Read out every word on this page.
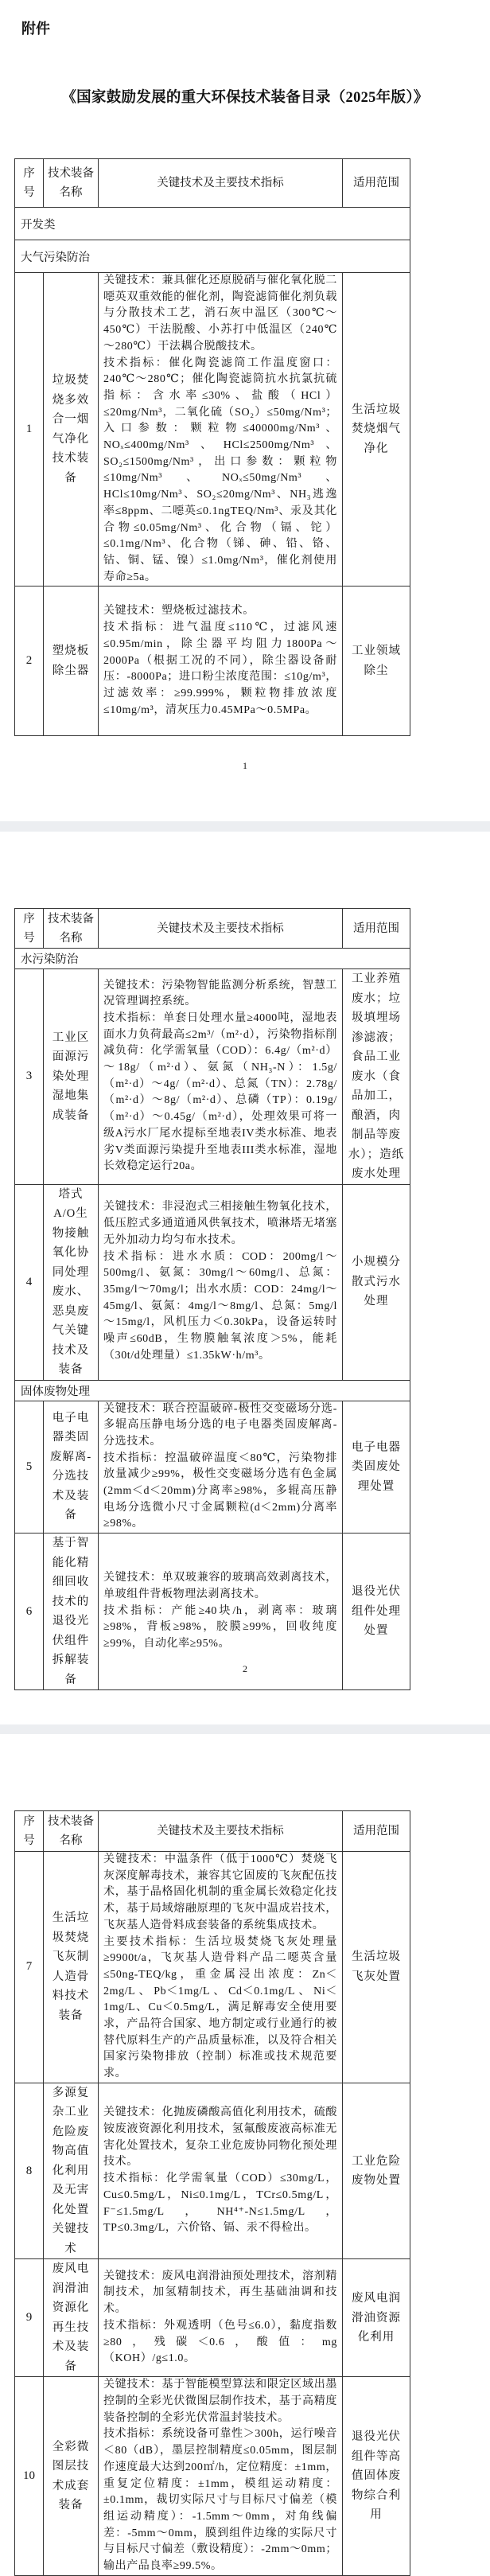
附件
《国家鼓励发展的重大环保技术装备目录（2025年版）》
序号	技术装备名称	关键技术及主要技术指标	适用范围
开发类			
大气污染防治			
1	垃圾焚烧多效合一烟气净化技术装备	关键技术：兼具催化还原脱硝与催化氧化脱二噁英双重效能的催化剂，陶瓷滤筒催化剂负载与分散技术工艺，消石灰中温区（300℃～450℃）干法脱酸、小苏打中低温区（240℃～280℃）干法耦合脱酸技术。

技术指标：催化陶瓷滤筒工作温度窗口：240℃～280℃；催化陶瓷滤筒抗水抗氯抗硫指标：含水率≤30%、盐酸（HCl）≤20mg/Nm³，二氧化硫（SO₂）≤50mg/Nm³；入口参数：颗粒物≤40000mg/Nm³、NOₓ≤400mg/Nm³、HCl≤2500mg/Nm³、SO₂≤1500mg/Nm³，出口参数：颗粒物≤10mg/Nm³、NOₓ≤50mg/Nm³、HCl≤10mg/Nm³、SO₂≤20mg/Nm³、NH₃逃逸率≤8ppm、二噁英≤0.1ngTEQ/Nm³、汞及其化合物≤0.05mg/Nm³、化合物（镉、铊）≤0.1mg/Nm³、化合物（锑、砷、铅、铬、钴、铜、锰、镍）≤1.0mg/Nm³，催化剂使用寿命≥5a。	生活垃圾焚烧烟气净化
2	塑烧板除尘器	关键技术：塑烧板过滤技术。

技术指标：进气温度≤110℃，过滤风速≤0.95m/min，除尘器平均阻力1800Pa～2000Pa（根据工况的不同），除尘器设备耐压：-8000Pa；进口粉尘浓度范围：≤10g/m³，过滤效率：≥99.999%，颗粒物排放浓度≤10mg/m³，清灰压力0.45MPa～0.5MPa。	工业领域除尘
序号	技术装备名称	关键技术及主要技术指标	适用范围
水污染防治			
3	工业区面源污染处理湿地集成装备	关键技术：污染物智能监测分析系统，智慧工况管理调控系统。

技术指标：单套日处理水量≥4000吨，湿地表面水力负荷最高≤2m³/（m²·d），污染物指标削减负荷：化学需氧量（COD）：6.4g/（m²·d）～18g/（m²·d）、氨氮（NH₃-N）：1.5g/（m²·d）～4g/（m²·d）、总氮（TN）：2.78g/（m²·d）～8g/（m²·d）、总磷（TP）：0.19g/（m²·d）～0.45g/（m²·d），处理效果可将一级A污水厂尾水提标至地表IV类水标准、地表劣V类面源污染提升至地表III类水标准，湿地长效稳定运行20a。	工业养殖废水；垃圾填埋场渗滤液；食品工业废水（食品加工，酿酒，肉制品等废水）；造纸废水处理
4	塔式A/O生物接触氧化协同处理废水、恶臭废气关键技术及装备	关键技术：非浸泡式三相接触生物氧化技术，低压腔式多通道通风供氧技术，喷淋塔无堵塞无外加动力均匀布水技术。

技术指标：进水水质：COD：200mg/l～500mg/l、氨氮：30mg/l～60mg/l、总氮：35mg/l～70mg/l；出水水质：COD：24mg/l～45mg/l、氨氮：4mg/l～8mg/l、总氮：5mg/l～15mg/l，风机压力＜0.30kPa，设备运转时噪声≤60dB，生物膜触氧浓度＞5%，能耗（30t/d处理量）≤1.35kW·h/m³。	小规模分散式污水处理
固体废物处理			
5	电子电器类固废解离-分选技术及装备	关键技术：联合控温破碎-极性交变磁场分选-多辊高压静电场分选的电子电器类固废解离-分选技术。

技术指标：控温破碎温度＜80℃，污染物排放量减少≥99%，极性交变磁场分选有色金属(2mm＜d＜20mm)分离率≥98%，多辊高压静电场分选微小尺寸金属颗粒(d＜2mm)分离率≥98%。	电子电器类固废处理处置
6	基于智能化精细回收技术的退役光伏组件拆解装备	关键技术：单双玻兼容的玻璃高效剥离技术，单玻组件背板物理法剥离技术。

技术指标：产能≥40块/h，剥离率：玻璃≥98%，背板≥98%，胶膜≥99%，回收纯度≥99%，自动化率≥95%。	退役光伏组件处理处置
序号	技术装备名称	关键技术及主要技术指标	适用范围
7	生活垃圾焚烧飞灰制人造骨料技术装备	关键技术：中温条件（低于1000℃）焚烧飞灰深度解毒技术，兼容其它固废的飞灰配伍技术，基于晶格固化机制的重金属长效稳定化技术，基于局域熔融原理的飞灰中温成岩技术，飞灰基人造骨料成套装备的系统集成技术。

主要技术指标：生活垃圾焚烧飞灰处理量≥9900t/a，飞灰基人造骨料产品二噁英含量≤50ng-TEQ/kg，重金属浸出浓度：Zn＜2mg/L、Pb＜1mg/L、Cd＜0.1mg/L、Ni＜1mg/L、Cu＜0.5mg/L，满足解毒安全使用要求，产品符合国家、地方制定或行业通行的被替代原料生产的产品质量标准，以及符合相关国家污染物排放（控制）标准或技术规范要求。	生活垃圾飞灰处置
8	多源复杂工业危险废物高值化利用及无害化处置关键技术	关键技术：化抛废磷酸高值化利用技术，硫酸铵废液资源化利用技术，氢氟酸废液高标准无害化处置技术，复杂工业危废协同物化预处理技术。

技术指标：化学需氧量（COD）≤30mg/L，Cu≤0.5mg/L，Ni≤0.1mg/L，TCr≤0.5mg/L，F⁻≤1.5mg/L，NH⁴⁺-N≤1.5mg/L，TP≤0.3mg/L，六价铬、镉、汞不得检出。	工业危险废物处置
9	废风电润滑油资源化再生技术及装备	关键技术：废风电润滑油预处理技术，溶剂精制技术，加氢精制技术，再生基础油调和技术。

技术指标：外观透明（色号≤6.0），黏度指数≥80，残碳＜0.6，酸值：mg（KOH）/g≤1.0。	废风电润滑油资源化利用
10	全彩微图层技术成套装备	关键技术：基于智能模型算法和限定区域出墨控制的全彩光伏微图层制作技术，基于高精度装备控制的全彩光伏常温封装技术。

技术指标：系统设备可靠性＞300h，运行噪音＜80（dB），墨层控制精度≤0.05mm，图层制作速度最大达到200㎡/h，定位精度：±1mm，重复定位精度：±1mm，模组运动精度：±0.1mm，裁切实际尺寸与目标尺寸偏差（模组运动精度）：-1.5mm～0mm，对角线偏差：-5mm～0mm，膜到组件边缘的实际尺寸与目标尺寸偏差（敷设精度）：-2mm～0mm；输出产品良率≥99.5%。	退役光伏组件等高值固体废物综合利用
1
2
